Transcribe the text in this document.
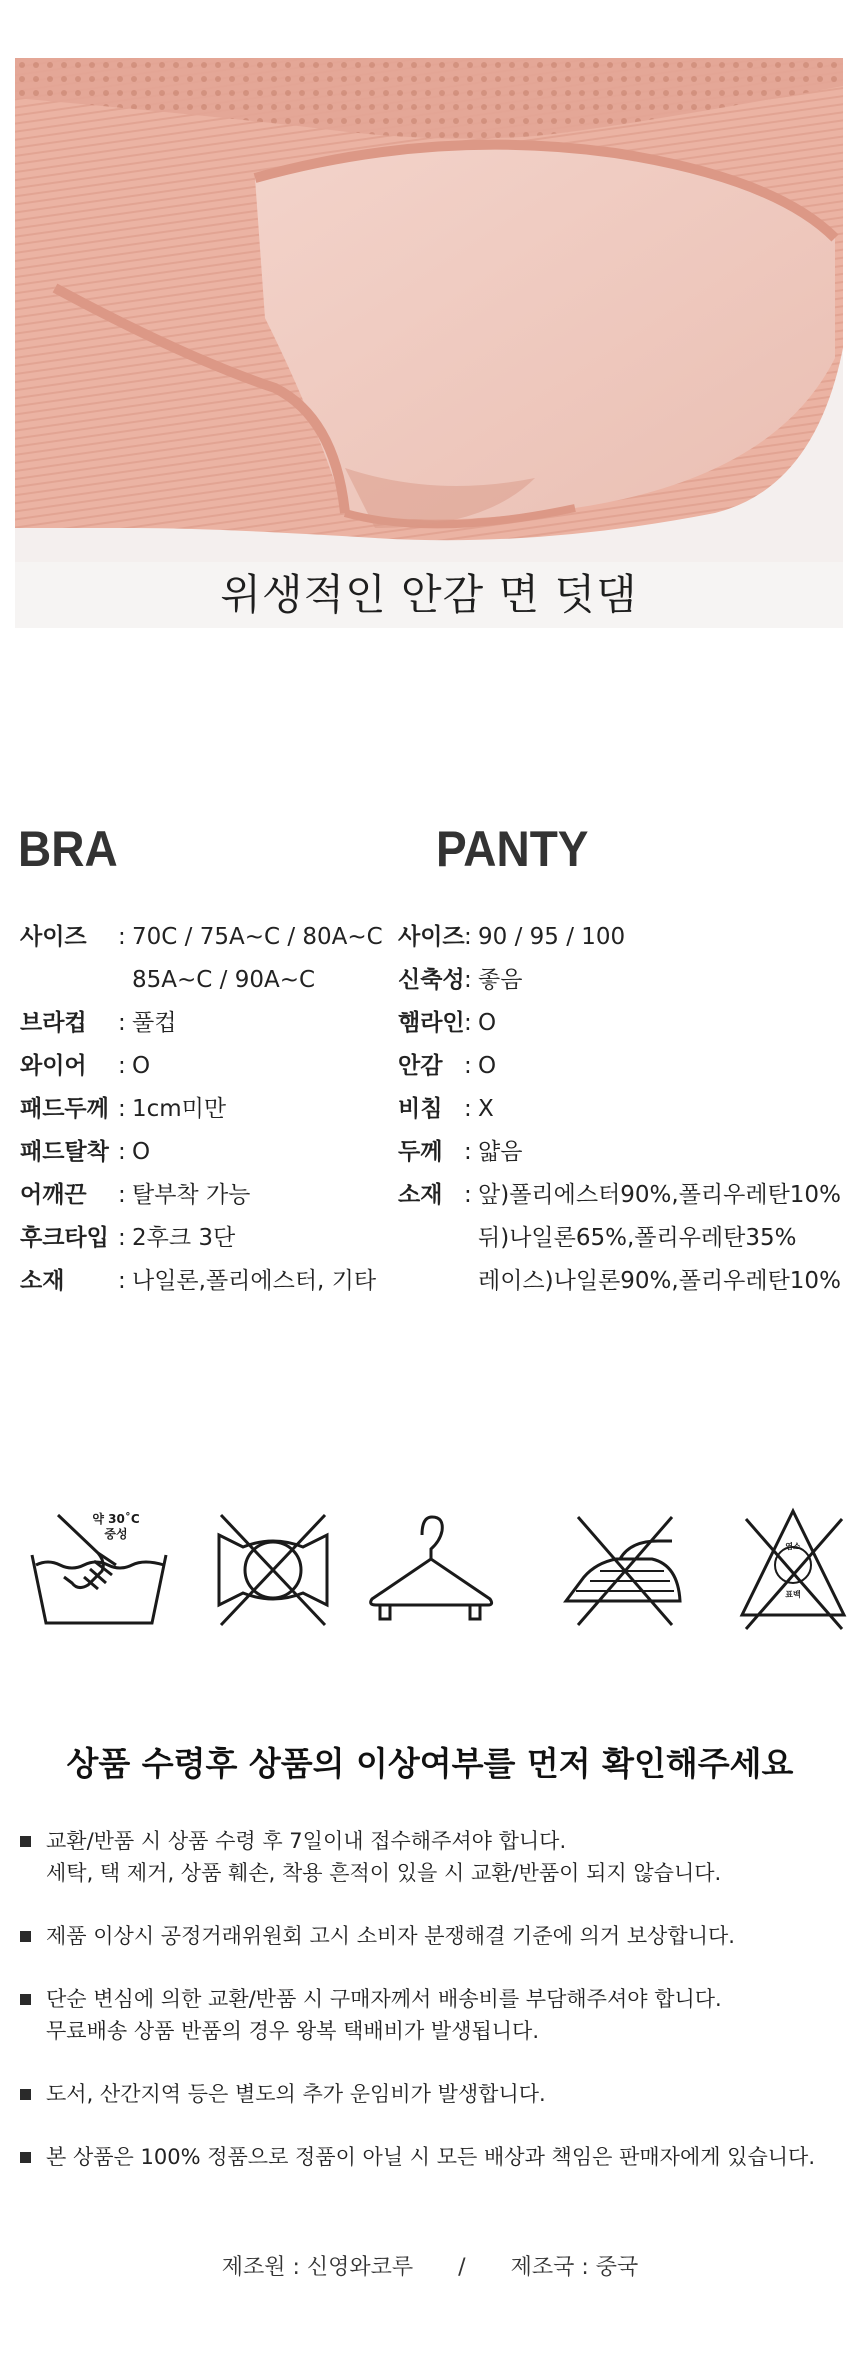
위생적인 안감 면 덧댐
BRA	PANTY
사이즈	: 70C / 75A~C / 80A~C
85A~C / 90A~C
브라컵	: 풀컵
와이어	: O
패드두께 : 1cm미만
패드탈착 : O
어깨끈	: 탈부착 가능
후크타입 : 2후크 3단
소재	: 나일론,폴리에스터, 기타
사이즈 : 90 / 95 / 100
신축성 : 좋음
햄라인 : O
안감 : O
비침 : X
두께 : 얇음
소재 : 앞)폴리에스터90%,폴리우레탄10%
뒤)나일론65%,폴리우레탄35%
레이스)나일론90%,폴리우레탄10%
약 30˚C
중성
염소
표백
상품 수령후 상품의 이상여부를 먼저 확인해주세요
교환/반품 시 상품 수령 후 7일이내 접수해주셔야 합니다.
세탁, 택 제거, 상품 훼손, 착용 흔적이 있을 시 교환/반품이 되지 않습니다.
제품 이상시 공정거래위원회 고시 소비자 분쟁해결 기준에 의거 보상합니다.
단순 변심에 의한 교환/반품 시 구매자께서 배송비를 부담해주셔야 합니다.
무료배송 상품 반품의 경우 왕복 택배비가 발생됩니다.
도서, 산간지역 등은 별도의 추가 운임비가 발생합니다.
본 상품은 100% 정품으로 정품이 아닐 시 모든 배상과 책임은 판매자에게 있습니다.
제조원 : 신영와코루 / 제조국 : 중국
